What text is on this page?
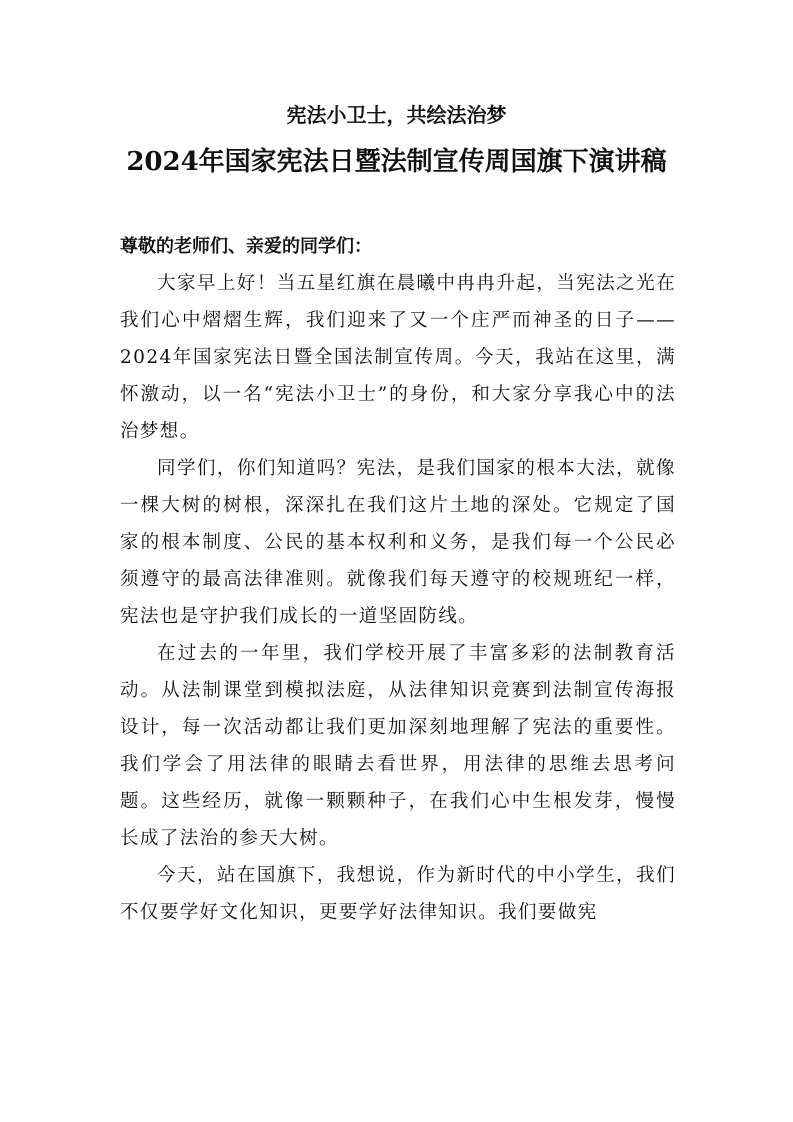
宪法小卫士，共绘法治梦
2024年国家宪法日暨法制宣传周国旗下演讲稿

尊敬的老师们、亲爱的同学们：

大家早上好！当五星红旗在晨曦中冉冉升起，当宪法之光在我们心中熠熠生辉，我们迎来了又一个庄严而神圣的日子——2024年国家宪法日暨全国法制宣传周。今天，我站在这里，满怀激动，以一名“宪法小卫士”的身份，和大家分享我心中的法治梦想。

同学们，你们知道吗？宪法，是我们国家的根本大法，就像一棵大树的树根，深深扎在我们这片土地的深处。它规定了国家的根本制度、公民的基本权利和义务，是我们每一个公民必须遵守的最高法律准则。就像我们每天遵守的校规班纪一样，宪法也是守护我们成长的一道坚固防线。

在过去的一年里，我们学校开展了丰富多彩的法制教育活动。从法制课堂到模拟法庭，从法律知识竞赛到法制宣传海报设计，每一次活动都让我们更加深刻地理解了宪法的重要性。我们学会了用法律的眼睛去看世界，用法律的思维去思考问题。这些经历，就像一颗颗种子，在我们心中生根发芽，慢慢长成了法治的参天大树。

今天，站在国旗下，我想说，作为新时代的中小学生，我们不仅要学好文化知识，更要学好法律知识。我们要做宪
